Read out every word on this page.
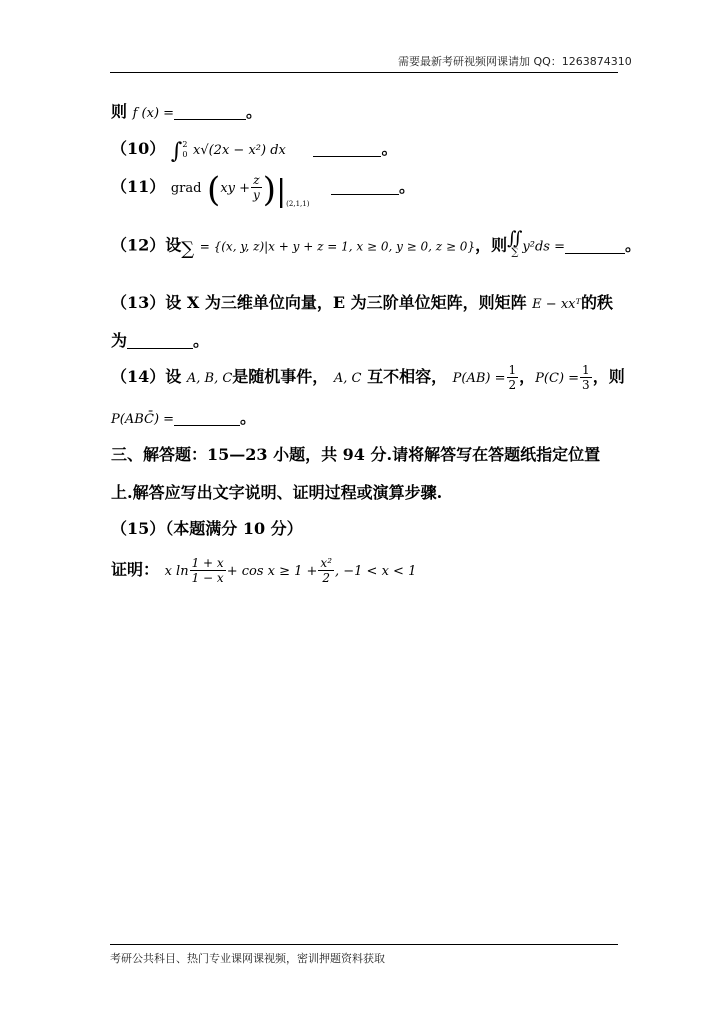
需要最新考研视频网课请加 QQ：1263874310
则 f (x) =	。
（10） ∫ 2
0 x√(2x − x²) dx	。
（11） grad $(xy + \frac{z}{y} )|_{(2,1,1)}$ 。
（12）设∑ = {(x, y, z)|x + y + z = 1, x ≥ 0, y ≥ 0, z ≥ 0}，则 ∬
∑ y²ds =	。
（13）设 X 为三维单位向量，E 为三阶单位矩阵，则矩阵 E − xxᵀ的秩
为	。
（14）设 A, B, C是随机事件， A, C 互不相容， $P(AB) = \frac{1}{2}$ ，$P(C) = \frac{1}{3}$ ，则
P(ABC̄) =	。
三、解答题：15—23 小题，共 94 分.请将解答写在答题纸指定位置
上.解答应写出文字说明、证明过程或演算步骤.
（15）（本题满分 10 分）
证明： x $\ln \frac{1 + x}{1 - x} + \cos x \ge 1 + \frac{\text{x²}}{2}$ , −1 < x < 1
考研公共科目、热门专业课网课视频，密训押题资料获取
